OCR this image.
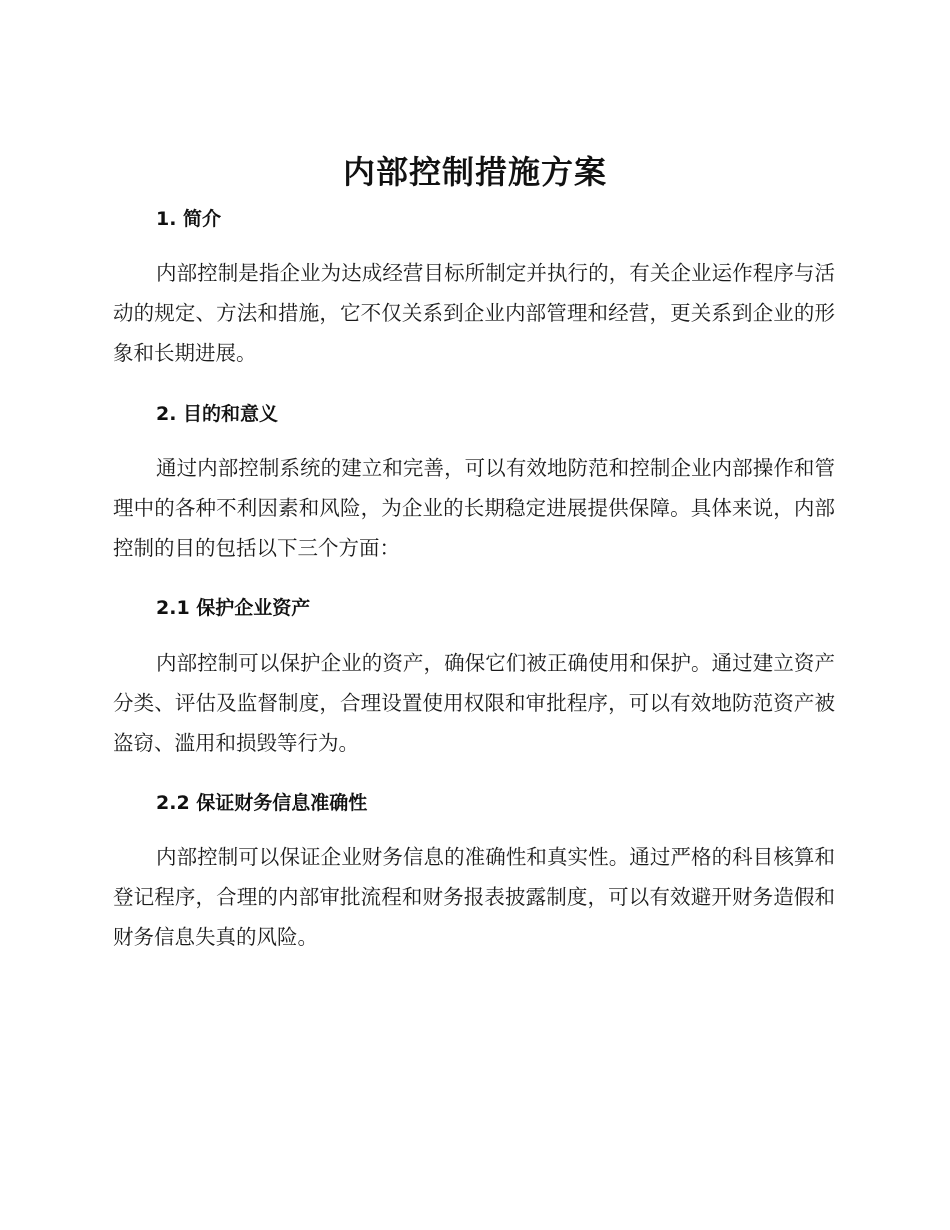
内部控制措施方案
1. 简介

内部控制是指企业为达成经营目标所制定并执行的，有关企业运作程序与活动的规定、方法和措施，它不仅关系到企业内部管理和经营，更关系到企业的形象和长期进展。

2. 目的和意义

通过内部控制系统的建立和完善，可以有效地防范和控制企业内部操作和管理中的各种不利因素和风险，为企业的长期稳定进展提供保障。具体来说，内部控制的目的包括以下三个方面：

2.1 保护企业资产

内部控制可以保护企业的资产，确保它们被正确使用和保护。通过建立资产分类、评估及监督制度，合理设置使用权限和审批程序，可以有效地防范资产被盗窃、滥用和损毁等行为。

2.2 保证财务信息准确性

内部控制可以保证企业财务信息的准确性和真实性。通过严格的科目核算和登记程序，合理的内部审批流程和财务报表披露制度，可以有效避开财务造假和财务信息失真的风险。
